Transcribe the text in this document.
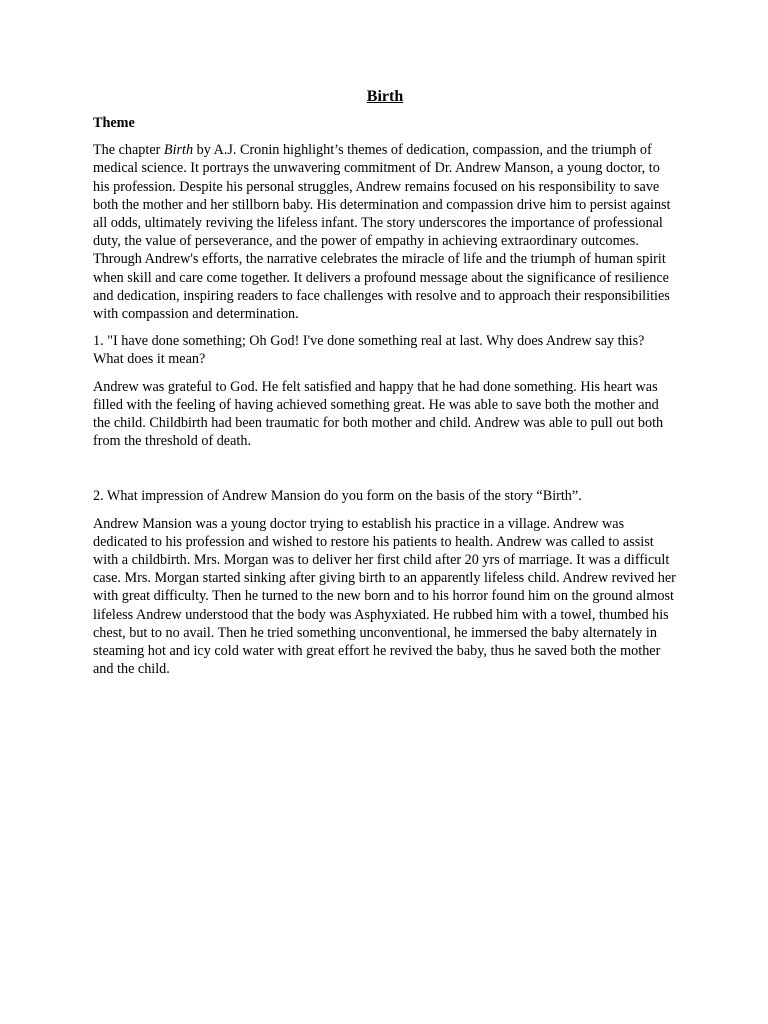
Birth
Theme

The chapter Birth by A.J. Cronin highlight’s themes of dedication, compassion, and the triumph of medical science. It portrays the unwavering commitment of Dr. Andrew Manson, a young doctor, to his profession. Despite his personal struggles, Andrew remains focused on his responsibility to save both the mother and her stillborn baby. His determination and compassion drive him to persist against all odds, ultimately reviving the lifeless infant. The story underscores the importance of professional duty, the value of perseverance, and the power of empathy in achieving extraordinary outcomes. Through Andrew's efforts, the narrative celebrates the miracle of life and the triumph of human spirit when skill and care come together. It delivers a profound message about the significance of resilience and dedication, inspiring readers to face challenges with resolve and to approach their responsibilities with compassion and determination.

1. "I have done something; Oh God! I've done something real at last. Why does Andrew say this? What does it mean?

Andrew was grateful to God. He felt satisfied and happy that he had done something. His heart was filled with the feeling of having achieved something great. He was able to save both the mother and the child. Childbirth had been traumatic for both mother and child. Andrew was able to pull out both from the threshold of death.

2. What impression of Andrew Mansion do you form on the basis of the story “Birth”.

Andrew Mansion was a young doctor trying to establish his practice in a village. Andrew was dedicated to his profession and wished to restore his patients to health. Andrew was called to assist with a childbirth. Mrs. Morgan was to deliver her first child after 20 yrs of marriage. It was a difficult case. Mrs. Morgan started sinking after giving birth to an apparently lifeless child. Andrew revived her with great difficulty. Then he turned to the new born and to his horror found him on the ground almost lifeless Andrew understood that the body was Asphyxiated. He rubbed him with a towel, thumbed his chest, but to no avail. Then he tried something unconventional, he immersed the baby alternately in steaming hot and icy cold water with great effort he revived the baby, thus he saved both the mother and the child.
